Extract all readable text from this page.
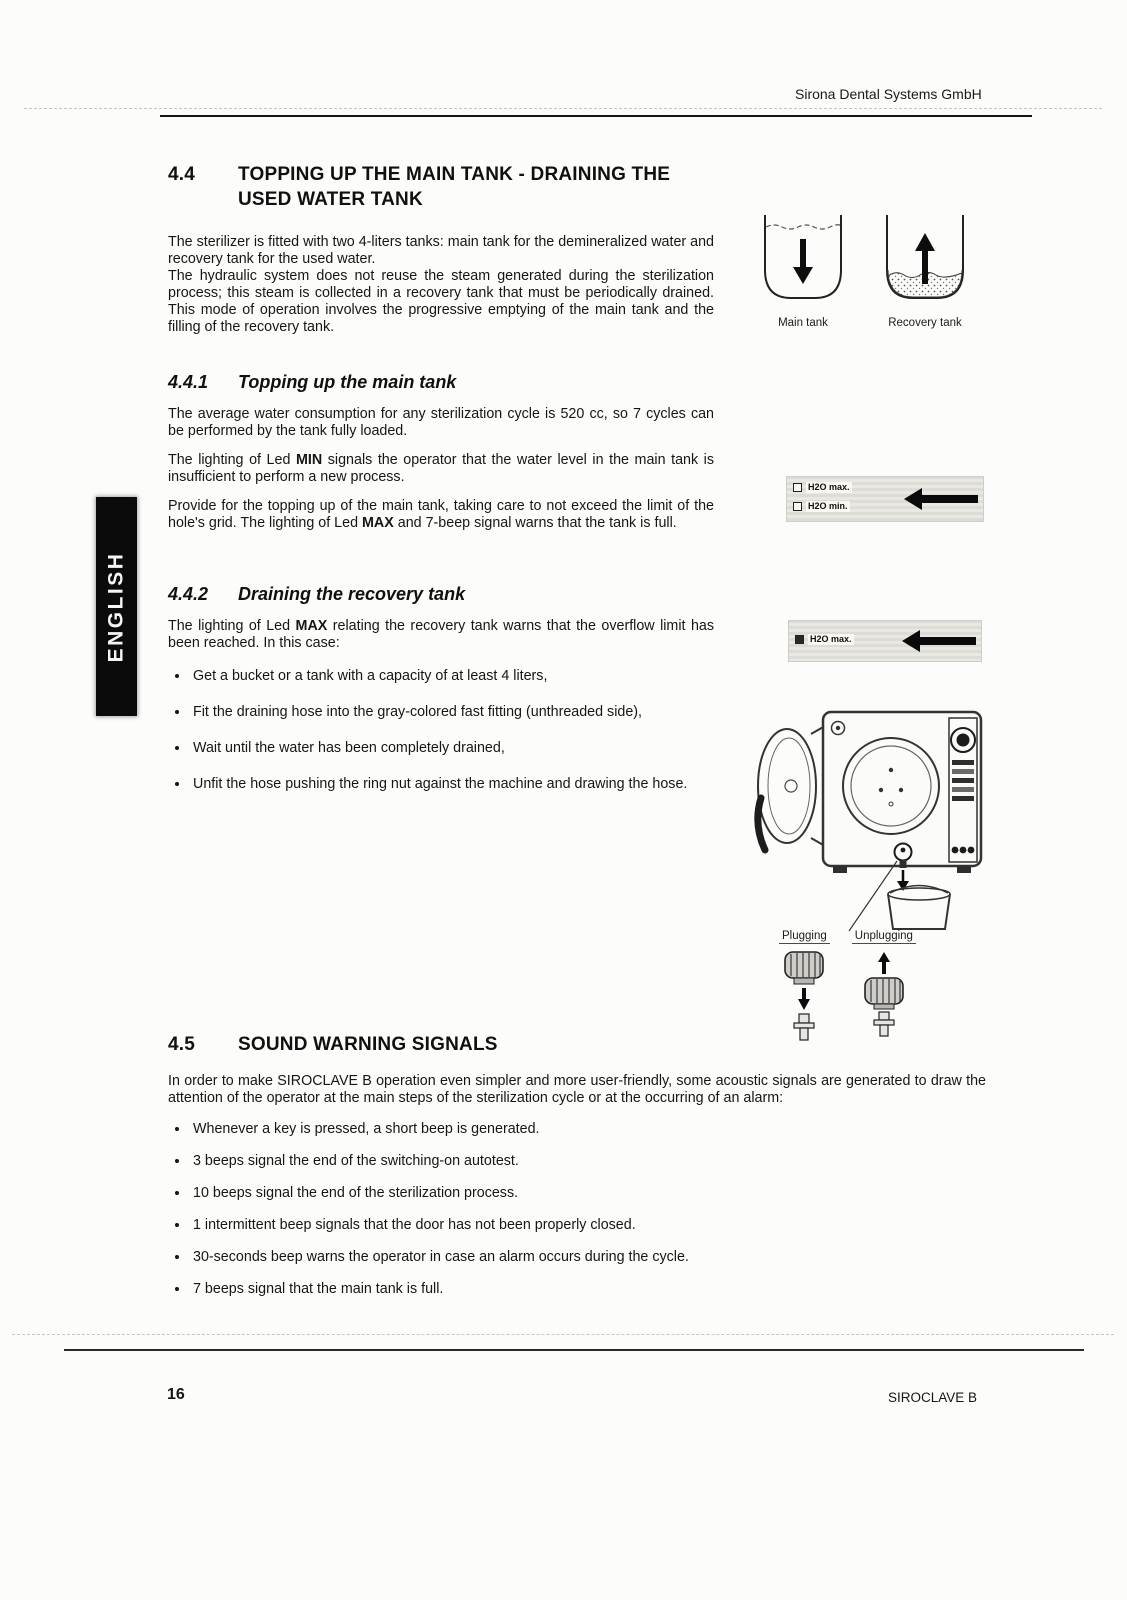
Sirona Dental Systems GmbH
4.4	TOPPING UP THE MAIN TANK - DRAINING THE
USED WATER TANK

The sterilizer is fitted with two 4-liters tanks: main tank for the demineralized water and recovery tank for the used water.

The hydraulic system does not reuse the steam generated during the sterilization process; this steam is collected in a recovery tank that must be periodically drained. This mode of operation involves the progressive emptying of the main tank and the filling of the recovery tank.	Main tank	Recovery tank
4.4.1	Topping up the main tank

The average water consumption for any sterilization cycle is 520 cc, so 7 cycles can be performed by the tank fully loaded.

The lighting of Led MIN signals the operator that the water level in the main tank is insufficient to perform a new process.

Provide for the topping up of the main tank, taking care to not exceed the limit of the hole's grid. The lighting of Led MAX and 7-beep signal warns that the tank is full.

H2O max.
H2O min.
ENGLISH 4.4.2	Draining the recovery tank

The lighting of Led MAX relating the recovery tank warns that the overflow limit has been reached. In this case:

• Get a bucket or a tank with a capacity of at least 4 liters,
• Fit the draining hose into the gray-colored fast fitting (unthreaded side),
• Wait until the water has been completely drained,
• Unfit the hose pushing the ring nut against the machine and drawing the hose.
H2O max.
Plugging Unplugging
4.5	SOUND WARNING SIGNALS

In order to make SIROCLAVE B operation even simpler and more user-friendly, some acoustic signals are generated to draw the attention of the operator at the main steps of the sterilization cycle or at the occurring of an alarm:

• Whenever a key is pressed, a short beep is generated.
• 3 beeps signal the end of the switching-on autotest.
• 10 beeps signal the end of the sterilization process.
• 1 intermittent beep signals that the door has not been properly closed.
• 30-seconds beep warns the operator in case an alarm occurs during the cycle.
• 7 beeps signal that the main tank is full.
16	SIROCLAVE B
